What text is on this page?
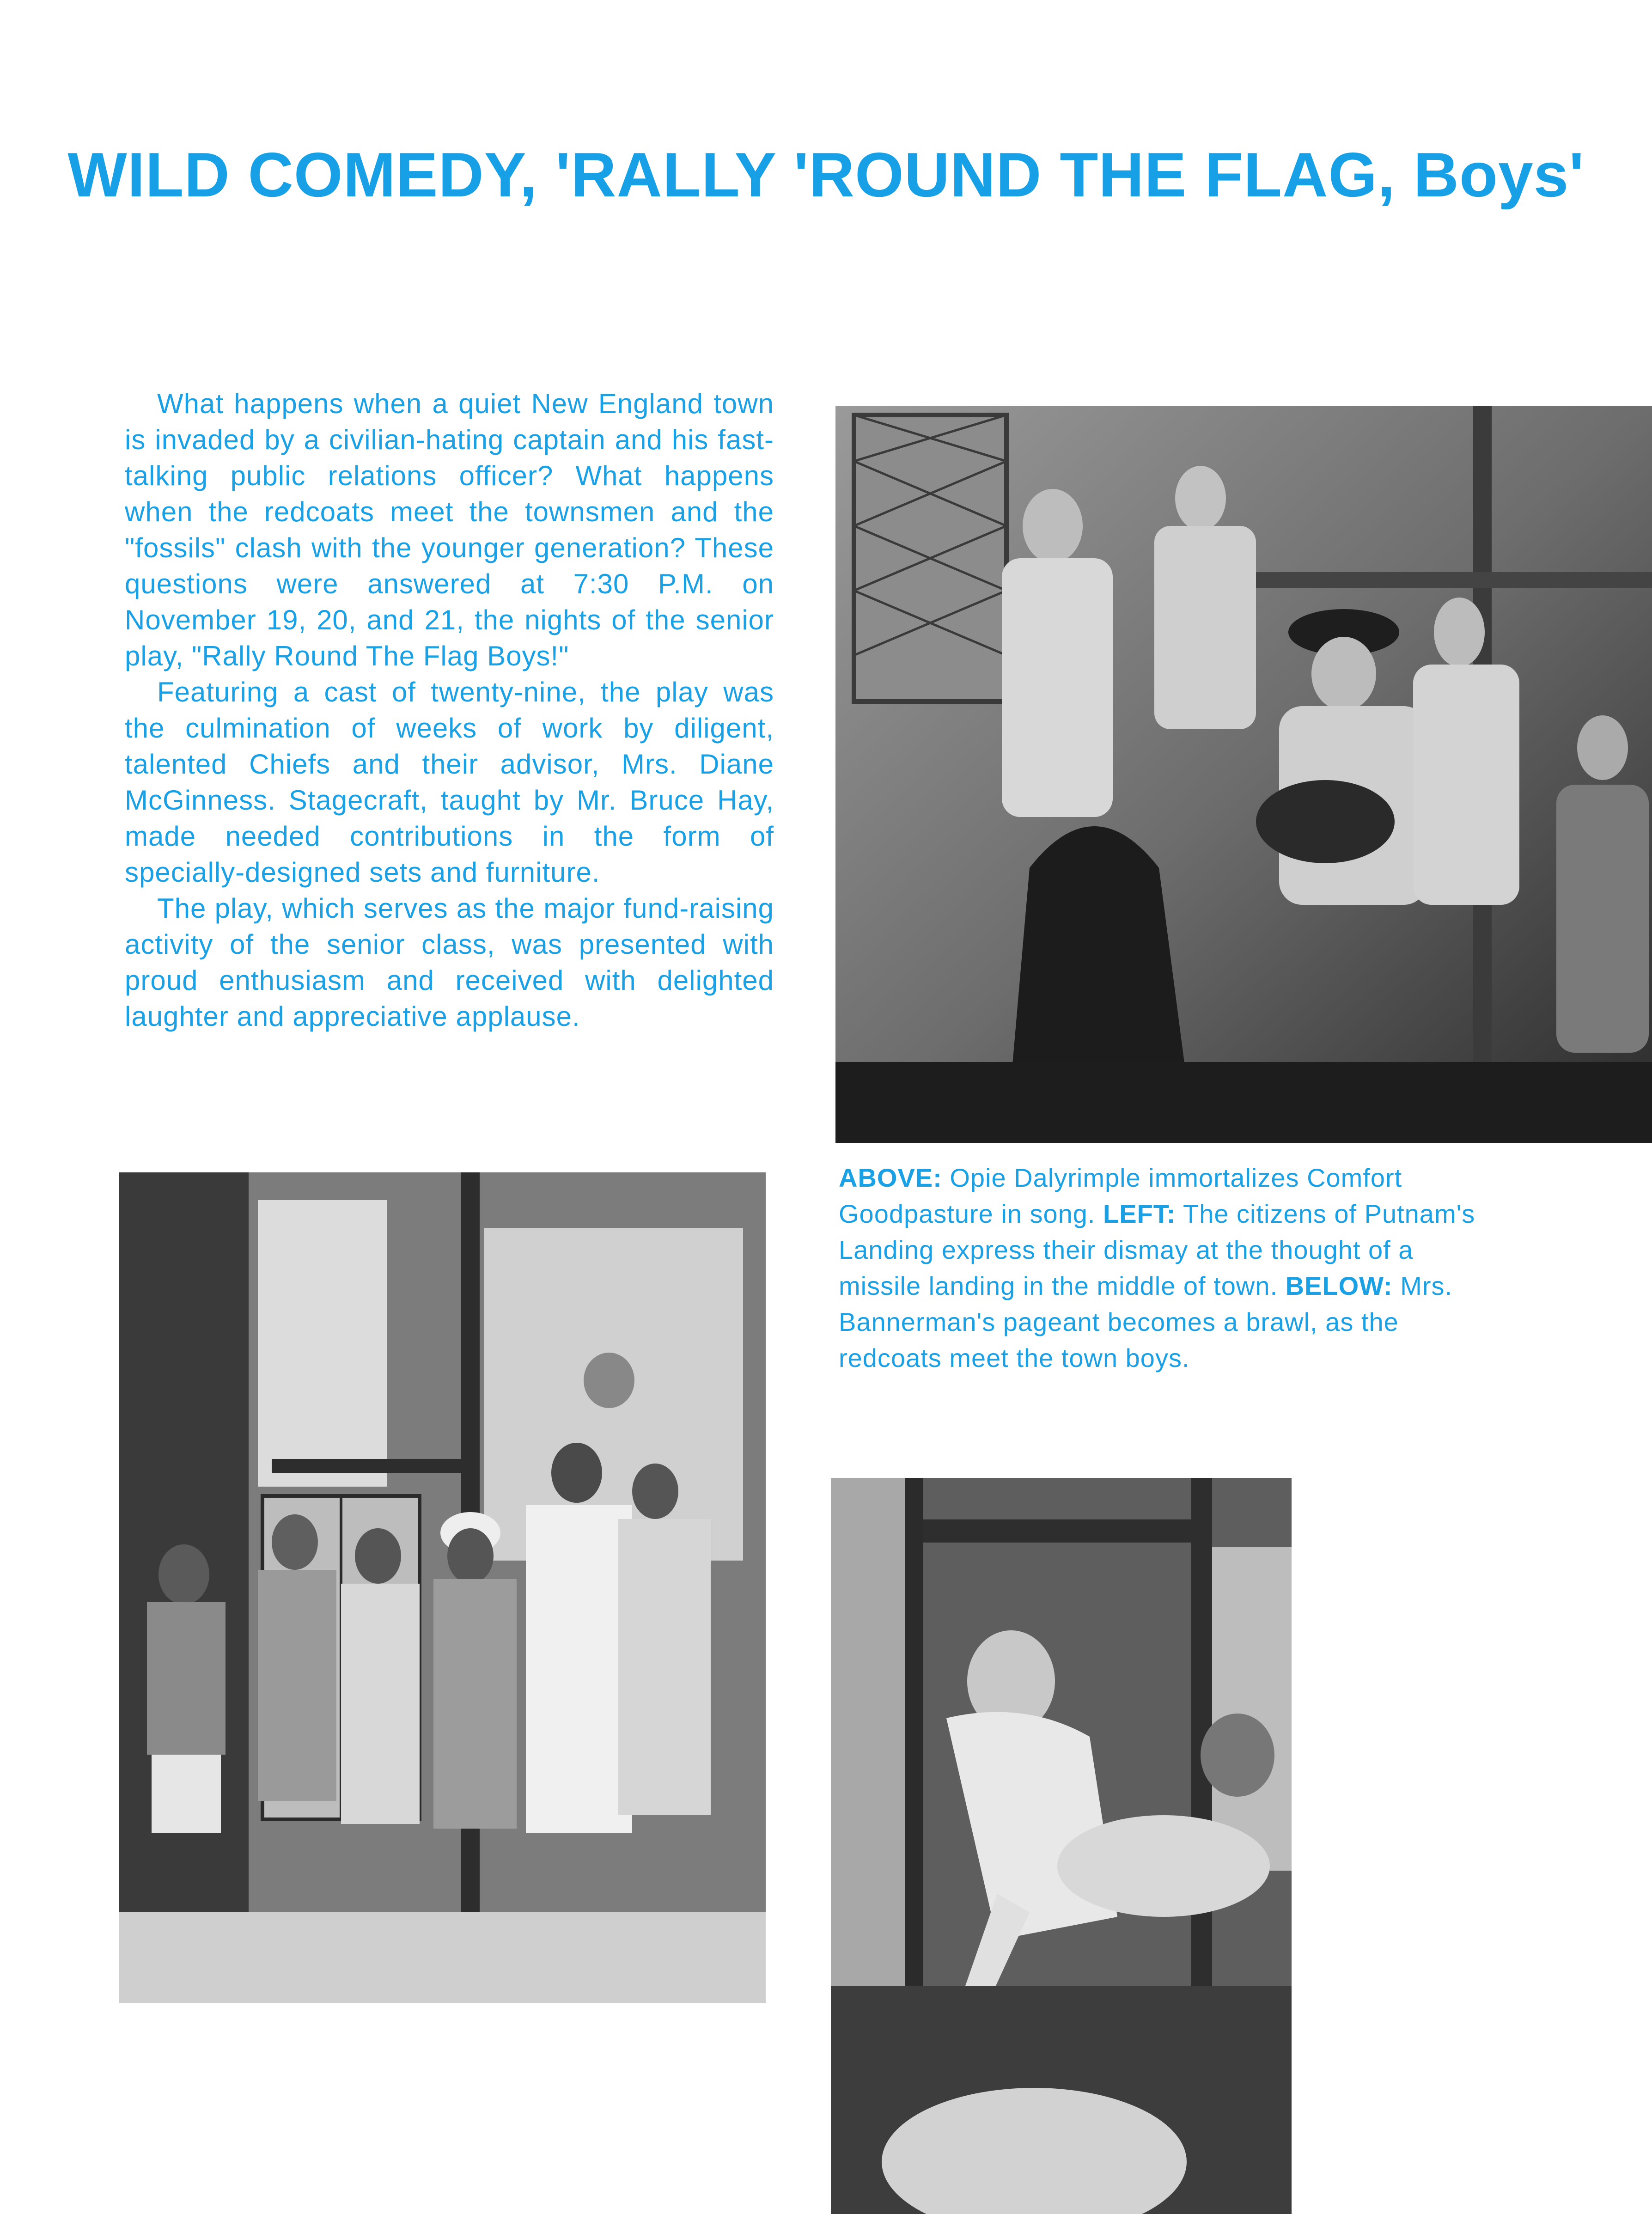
WILD COMEDY, 'RALLY 'ROUND THE FLAG, Boys'

What happens when a quiet New England town is invaded by a civilian-hating captain and his fast-talking public relations officer? What happens when the redcoats meet the townsmen and the "fossils" clash with the younger generation? These questions were answered at 7:30 P.M. on November 19, 20, and 21, the nights of the senior play, "Rally Round The Flag Boys!"

Featuring a cast of twenty-nine, the play was the culmination of weeks of work by diligent, talented Chiefs and their advisor, Mrs. Diane McGinness. Stagecraft, taught by Mr. Bruce Hay, made needed contributions in the form of specially-designed sets and furniture.

The play, which serves as the major fund-raising activity of the senior class, was presented with proud enthusiasm and received with delighted laughter and appreciative applause.

ABOVE: Opie Dalyrimple immortalizes Comfort Goodpasture in song. LEFT: The citizens of Putnam's Landing express their dismay at the thought of a missile landing in the middle of town. BELOW: Mrs. Bannerman's pageant becomes a brawl, as the redcoats meet the town boys.
